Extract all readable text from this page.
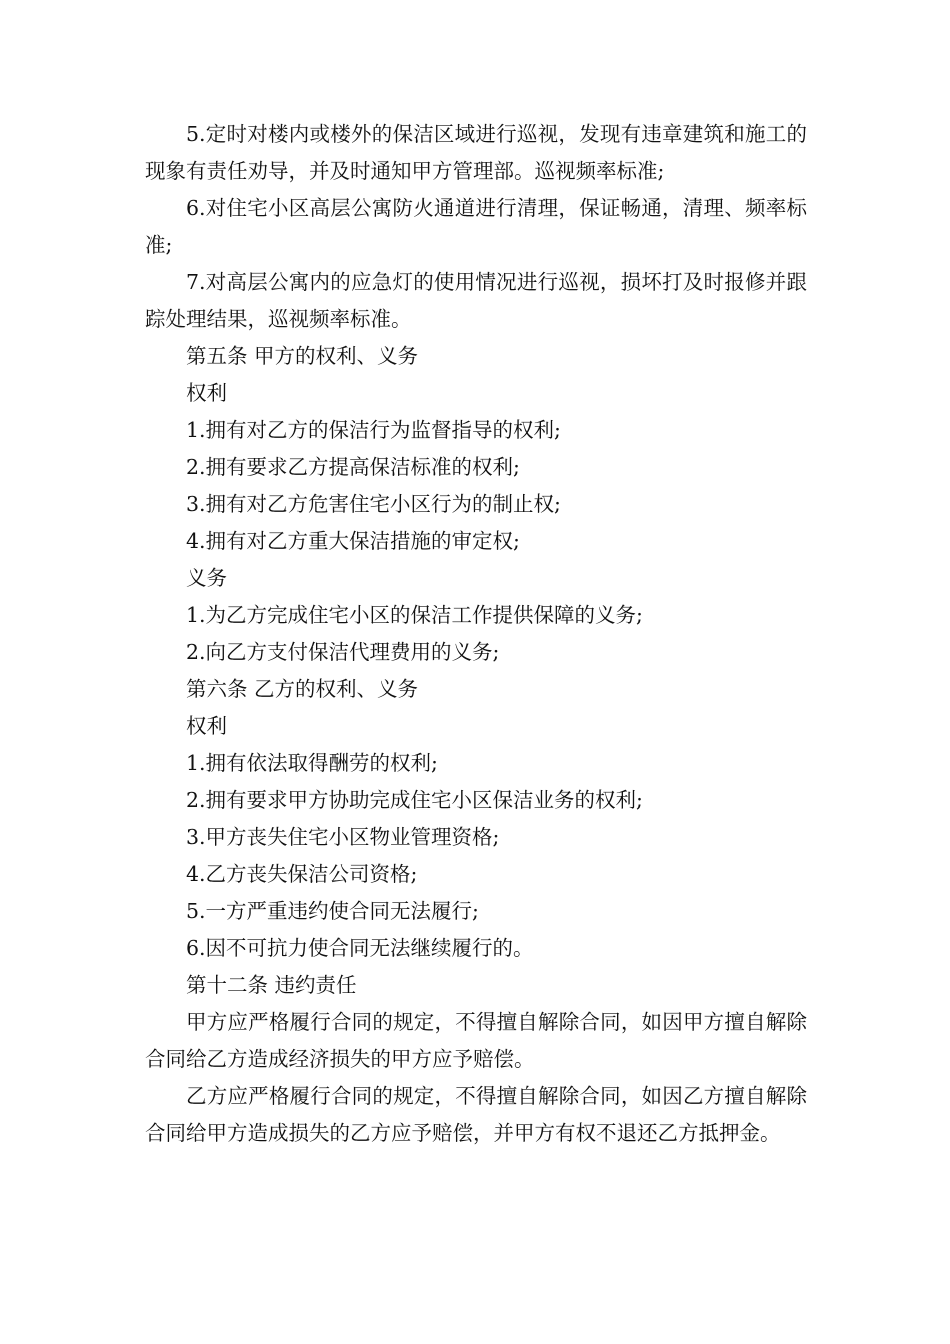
5.定时对楼内或楼外的保洁区域进行巡视，发现有违章建筑和施工的现象有责任劝导，并及时通知甲方管理部。巡视频率标准;

6.对住宅小区高层公寓防火通道进行清理，保证畅通，清理、频率标准;

7.对高层公寓内的应急灯的使用情况进行巡视，损坏打及时报修并跟踪处理结果，巡视频率标准。

第五条 甲方的权利、义务

权利

1.拥有对乙方的保洁行为监督指导的权利;

2.拥有要求乙方提高保洁标准的权利;

3.拥有对乙方危害住宅小区行为的制止权;

4.拥有对乙方重大保洁措施的审定权;

义务

1.为乙方完成住宅小区的保洁工作提供保障的义务;

2.向乙方支付保洁代理费用的义务;

第六条 乙方的权利、义务

权利

1.拥有依法取得酬劳的权利;

2.拥有要求甲方协助完成住宅小区保洁业务的权利;

3.甲方丧失住宅小区物业管理资格;

4.乙方丧失保洁公司资格;

5.一方严重违约使合同无法履行;

6.因不可抗力使合同无法继续履行的。

第十二条 违约责任

甲方应严格履行合同的规定，不得擅自解除合同，如因甲方擅自解除合同给乙方造成经济损失的甲方应予赔偿。

乙方应严格履行合同的规定，不得擅自解除合同，如因乙方擅自解除合同给甲方造成损失的乙方应予赔偿，并甲方有权不退还乙方抵押金。
